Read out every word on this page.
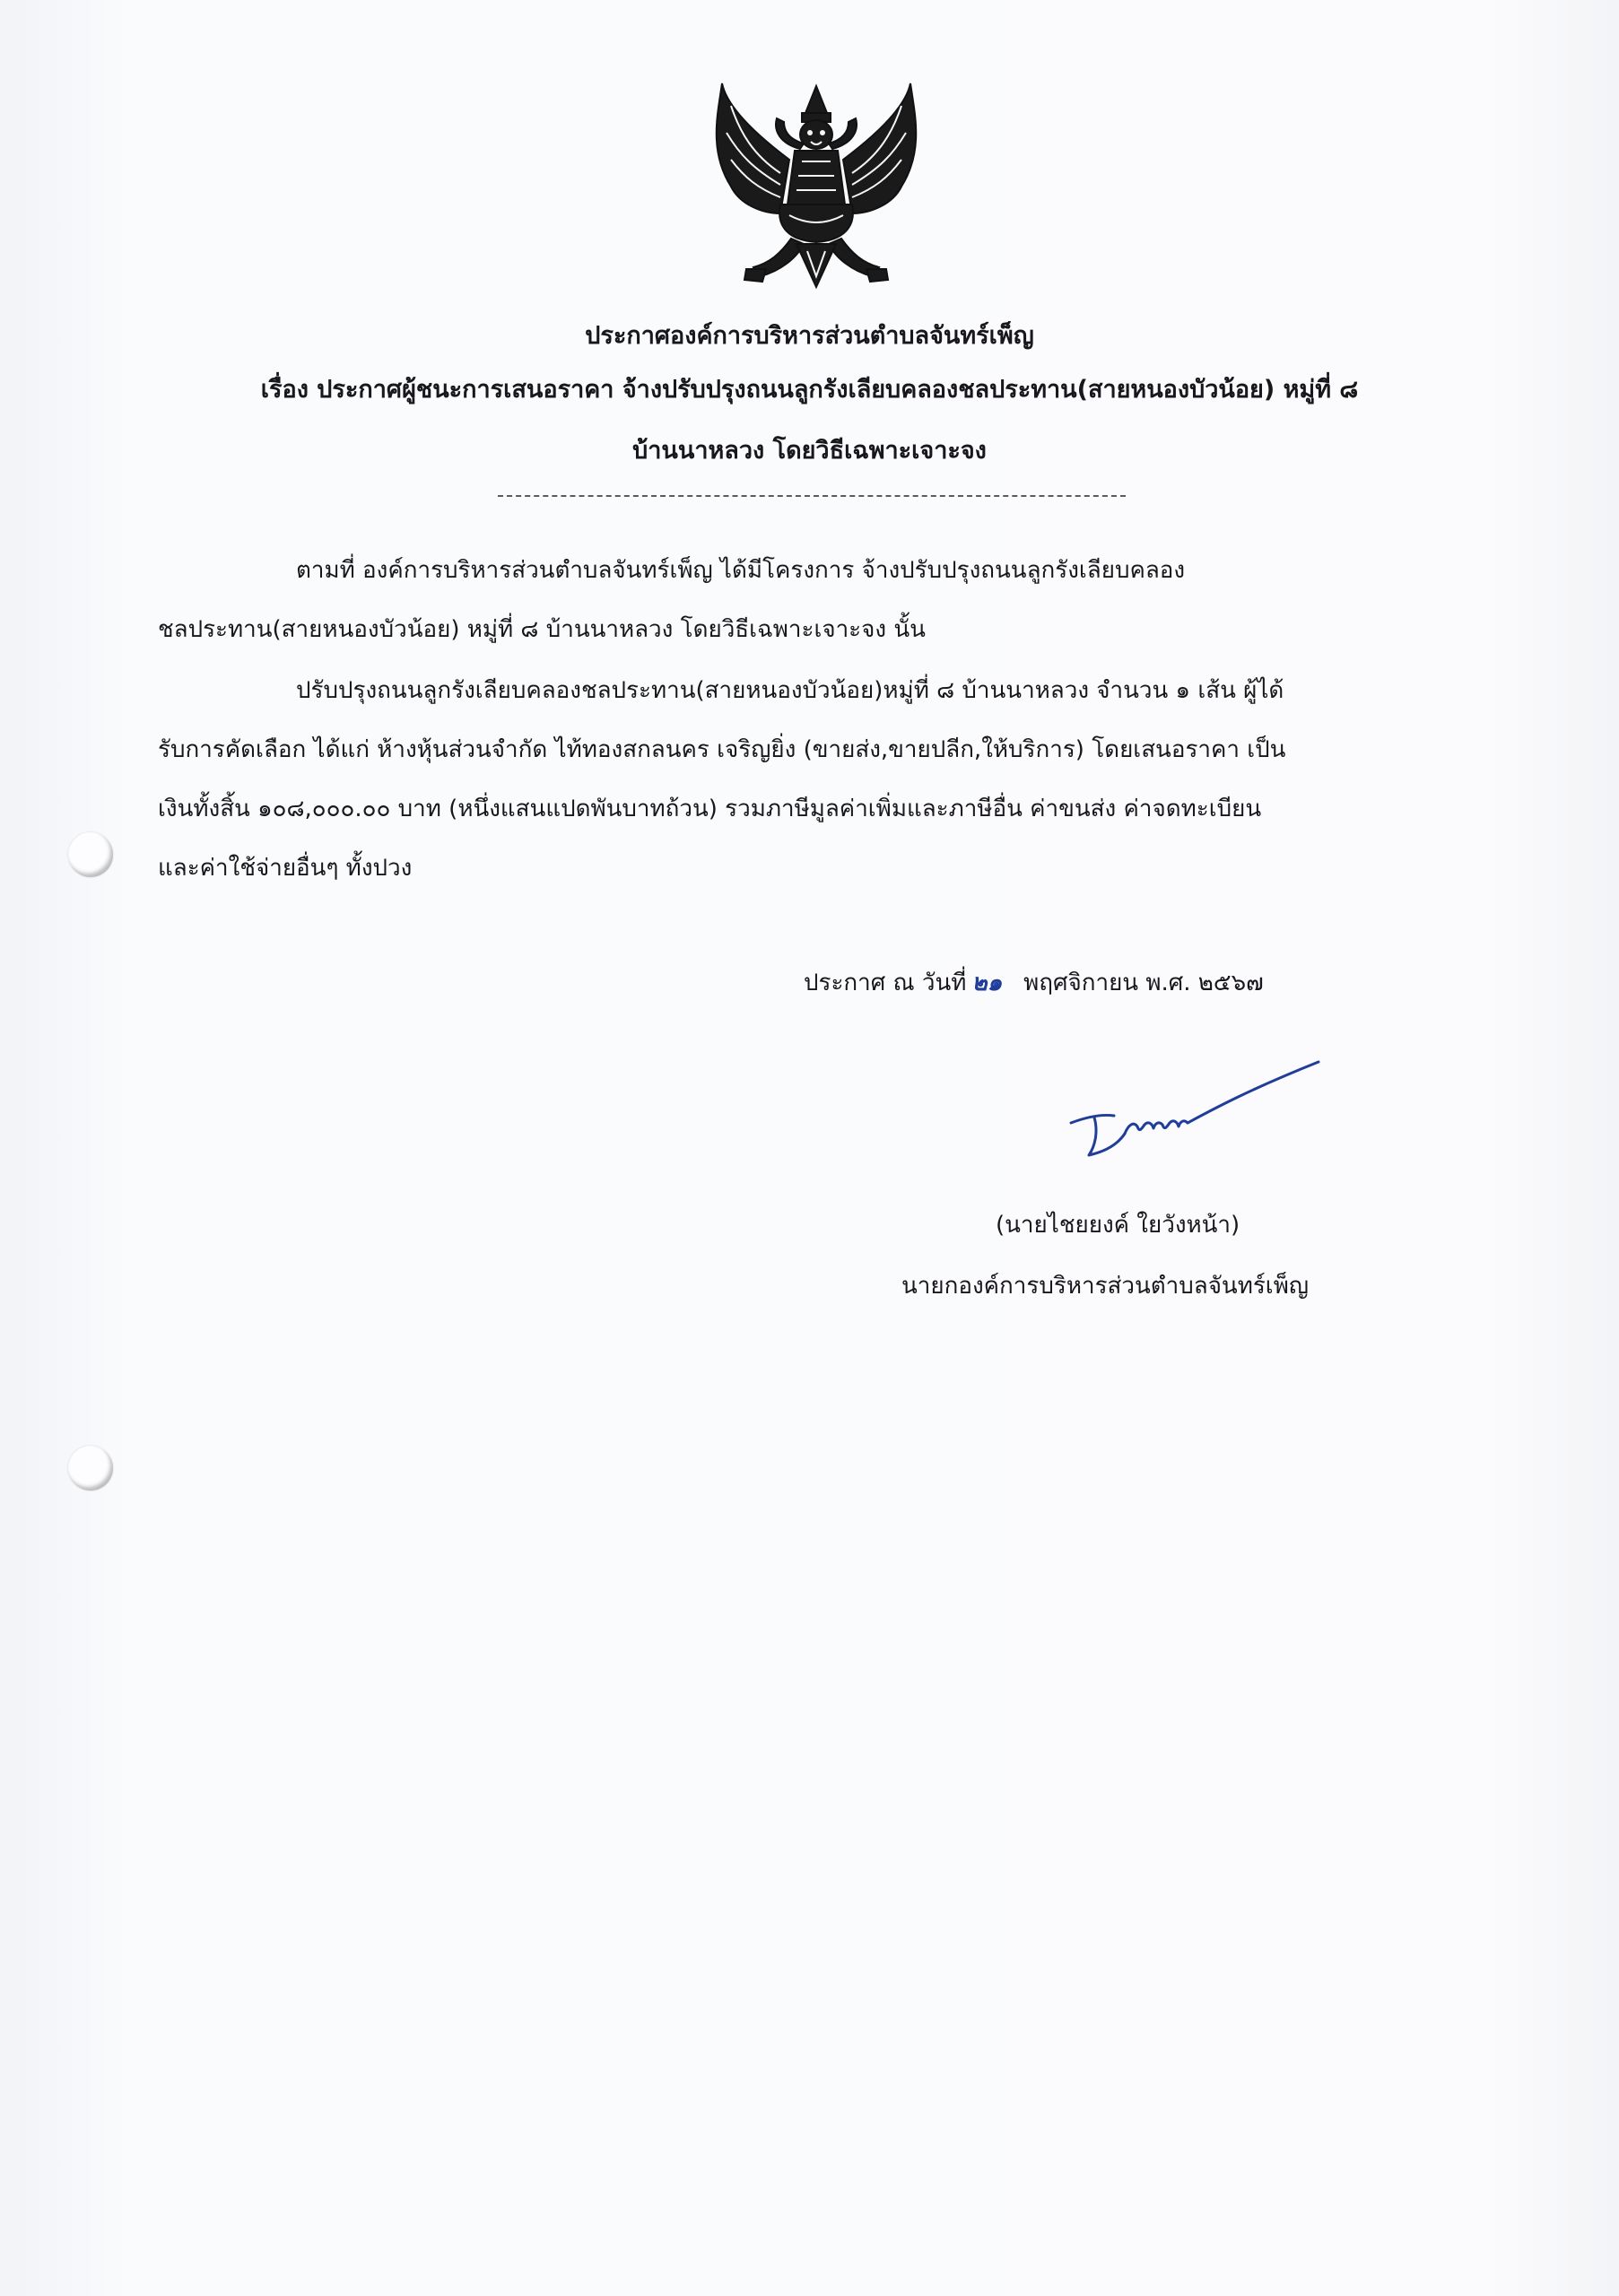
ประกาศองค์การบริหารส่วนตำบลจันทร์เพ็ญ
เรื่อง ประกาศผู้ชนะการเสนอราคา จ้างปรับปรุงถนนลูกรังเลียบคลองชลประทาน(สายหนองบัวน้อย) หมู่ที่ ๘
บ้านนาหลวง โดยวิธีเฉพาะเจาะจง
ตามที่ องค์การบริหารส่วนตำบลจันทร์เพ็ญ ได้มีโครงการ จ้างปรับปรุงถนนลูกรังเลียบคลอง
ชลประทาน(สายหนองบัวน้อย) หมู่ที่ ๘ บ้านนาหลวง โดยวิธีเฉพาะเจาะจง นั้น
ปรับปรุงถนนลูกรังเลียบคลองชลประทาน(สายหนองบัวน้อย)หมู่ที่ ๘ บ้านนาหลวง จำนวน ๑ เส้น ผู้ได้
รับการคัดเลือก ได้แก่ ห้างหุ้นส่วนจำกัด ไท้ทองสกลนคร เจริญยิ่ง (ขายส่ง,ขายปลีก,ให้บริการ) โดยเสนอราคา เป็น
เงินทั้งสิ้น ๑๐๘,๐๐๐.๐๐ บาท (หนึ่งแสนแปดพันบาทถ้วน) รวมภาษีมูลค่าเพิ่มและภาษีอื่น ค่าขนส่ง ค่าจดทะเบียน
และค่าใช้จ่ายอื่นๆ ทั้งปวง
ประกาศ ณ วันที่ ๒๑ พฤศจิกายน พ.ศ. ๒๕๖๗
(นายไชยยงค์ ใยวังหน้า)
นายกองค์การบริหารส่วนตำบลจันทร์เพ็ญ
